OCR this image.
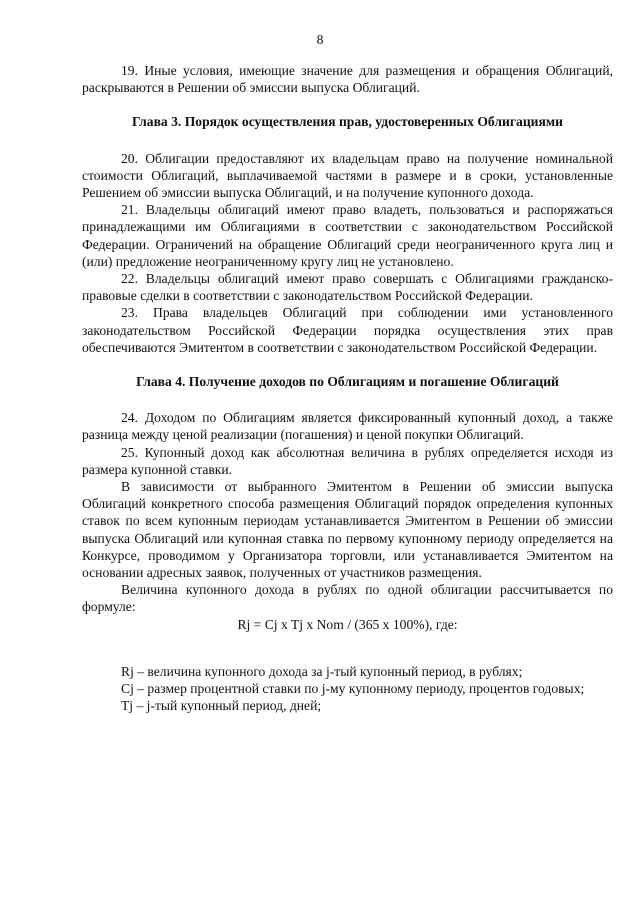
8

19. Иные условия, имеющие значение для размещения и обращения Облигаций, раскрываются в Решении об эмиссии выпуска Облигаций.

Глава 3. Порядок осуществления прав, удостоверенных Облигациями

20. Облигации предоставляют их владельцам право на получение номинальной стоимости Облигаций, выплачиваемой частями в размере и в сроки, установленные Решением об эмиссии выпуска Облигаций, и на получение купонного дохода.

21. Владельцы облигаций имеют право владеть, пользоваться и распоряжаться принадлежащими им Облигациями в соответствии с законодательством Российской Федерации. Ограничений на обращение Облигаций среди неограниченного круга лиц и (или) предложение неограниченному кругу лиц не установлено.

22. Владельцы облигаций имеют право совершать с Облигациями гражданско-правовые сделки в соответствии с законодательством Российской Федерации.

23. Права владельцев Облигаций при соблюдении ими установленного законодательством Российской Федерации порядка осуществления этих прав обеспечиваются Эмитентом в соответствии с законодательством Российской Федерации.

Глава 4. Получение доходов по Облигациям и погашение Облигаций

24. Доходом по Облигациям является фиксированный купонный доход, а также разница между ценой реализации (погашения) и ценой покупки Облигаций.

25. Купонный доход как абсолютная величина в рублях определяется исходя из размера купонной ставки.

В зависимости от выбранного Эмитентом в Решении об эмиссии выпуска Облигаций конкретного способа размещения Облигаций порядок определения купонных ставок по всем купонным периодам устанавливается Эмитентом в Решении об эмиссии выпуска Облигаций или купонная ставка по первому купонному периоду определяется на Конкурсе, проводимом у Организатора торговли, или устанавливается Эмитентом на основании адресных заявок, полученных от участников размещения.

Величина купонного дохода в рублях по одной облигации рассчитывается по формуле:

Rj = Cj x Tj x Nom / (365 x 100%), где:

Rj – величина купонного дохода за j-тый купонный период, в рублях;

Cj – размер процентной ставки по j-му купонному периоду, процентов годовых;

Tj – j-тый купонный период, дней;
